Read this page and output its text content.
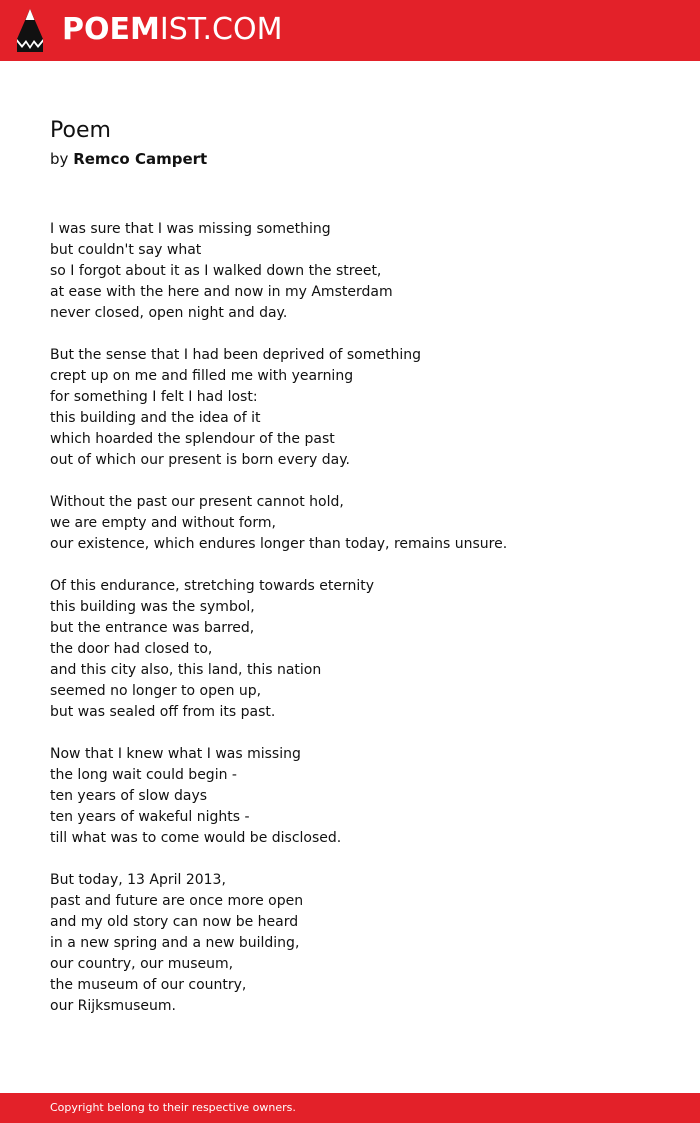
POEMIST.COM
Poem
by Remco Campert
I was sure that I was missing something
but couldn't say what
so I forgot about it as I walked down the street,
at ease with the here and now in my Amsterdam
never closed, open night and day.
But the sense that I had been deprived of something
crept up on me and filled me with yearning
for something I felt I had lost:
this building and the idea of it
which hoarded the splendour of the past
out of which our present is born every day.
Without the past our present cannot hold,
we are empty and without form,
our existence, which endures longer than today, remains unsure.
Of this endurance, stretching towards eternity
this building was the symbol,
but the entrance was barred,
the door had closed to,
and this city also, this land, this nation
seemed no longer to open up,
but was sealed off from its past.
Now that I knew what I was missing
the long wait could begin -
ten years of slow days
ten years of wakeful nights -
till what was to come would be disclosed.
But today, 13 April 2013,
past and future are once more open
and my old story can now be heard
in a new spring and a new building,
our country, our museum,
the museum of our country,
our Rijksmuseum.
Copyright belong to their respective owners.
